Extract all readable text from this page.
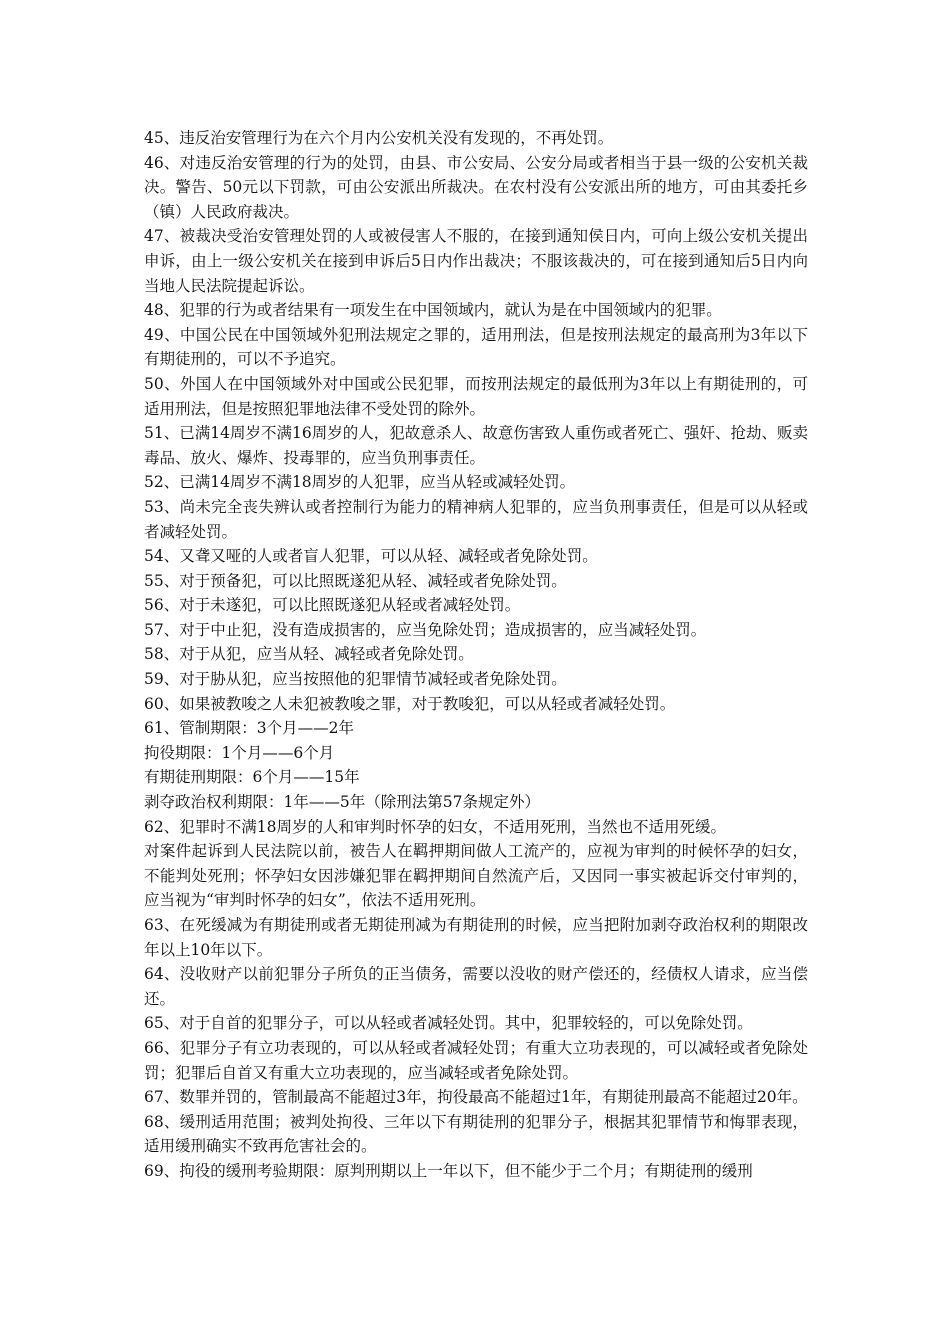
45、违反治安管理行为在六个月内公安机关没有发现的，不再处罚。

46、对违反治安管理的行为的处罚，由县、市公安局、公安分局或者相当于县一级的公安机关裁决。警告、50元以下罚款，可由公安派出所裁决。在农村没有公安派出所的地方，可由其委托乡（镇）人民政府裁决。

47、被裁决受治安管理处罚的人或被侵害人不服的，在接到通知侯日内，可向上级公安机关提出申诉，由上一级公安机关在接到申诉后5日内作出裁决；不服该裁决的，可在接到通知后5日内向当地人民法院提起诉讼。

48、犯罪的行为或者结果有一项发生在中国领域内，就认为是在中国领域内的犯罪。

49、中国公民在中国领域外犯刑法规定之罪的，适用刑法，但是按刑法规定的最高刑为3年以下有期徒刑的，可以不予追究。

50、外国人在中国领域外对中国或公民犯罪，而按刑法规定的最低刑为3年以上有期徒刑的，可适用刑法，但是按照犯罪地法律不受处罚的除外。

51、已满14周岁不满16周岁的人，犯故意杀人、故意伤害致人重伤或者死亡、强奸、抢劫、贩卖毒品、放火、爆炸、投毒罪的，应当负刑事责任。

52、已满14周岁不满18周岁的人犯罪，应当从轻或减轻处罚。

53、尚未完全丧失辨认或者控制行为能力的精神病人犯罪的，应当负刑事责任，但是可以从轻或者减轻处罚。

54、又聋又哑的人或者盲人犯罪，可以从轻、减轻或者免除处罚。

55、对于预备犯，可以比照既遂犯从轻、减轻或者免除处罚。

56、对于未遂犯，可以比照既遂犯从轻或者减轻处罚。

57、对于中止犯，没有造成损害的，应当免除处罚；造成损害的，应当减轻处罚。

58、对于从犯，应当从轻、减轻或者免除处罚。

59、对于胁从犯，应当按照他的犯罪情节减轻或者免除处罚。

60、如果被教唆之人未犯被教唆之罪，对于教唆犯，可以从轻或者减轻处罚。

61、管制期限：3个月——2年

拘役期限：1个月——6个月

有期徒刑期限：6个月——15年

剥夺政治权利期限：1年——5年（除刑法第57条规定外）

62、犯罪时不满18周岁的人和审判时怀孕的妇女，不适用死刑，当然也不适用死缓。

对案件起诉到人民法院以前，被告人在羁押期间做人工流产的，应视为审判的时候怀孕的妇女，不能判处死刑；怀孕妇女因涉嫌犯罪在羁押期间自然流产后，又因同一事实被起诉交付审判的，应当视为“审判时怀孕的妇女”，依法不适用死刑。

63、在死缓减为有期徒刑或者无期徒刑减为有期徒刑的时候，应当把附加剥夺政治权利的期限改年以上10年以下。

64、没收财产以前犯罪分子所负的正当债务，需要以没收的财产偿还的，经债权人请求，应当偿还。

65、对于自首的犯罪分子，可以从轻或者减轻处罚。其中，犯罪较轻的，可以免除处罚。

66、犯罪分子有立功表现的，可以从轻或者减轻处罚；有重大立功表现的，可以减轻或者免除处罚；犯罪后自首又有重大立功表现的，应当减轻或者免除处罚。

67、数罪并罚的，管制最高不能超过3年，拘役最高不能超过1年，有期徒刑最高不能超过20年。

68、缓刑适用范围；被判处拘役、三年以下有期徒刑的犯罪分子，根据其犯罪情节和悔罪表现，适用缓刑确实不致再危害社会的。

69、拘役的缓刑考验期限：原判刑期以上一年以下，但不能少于二个月；有期徒刑的缓刑
